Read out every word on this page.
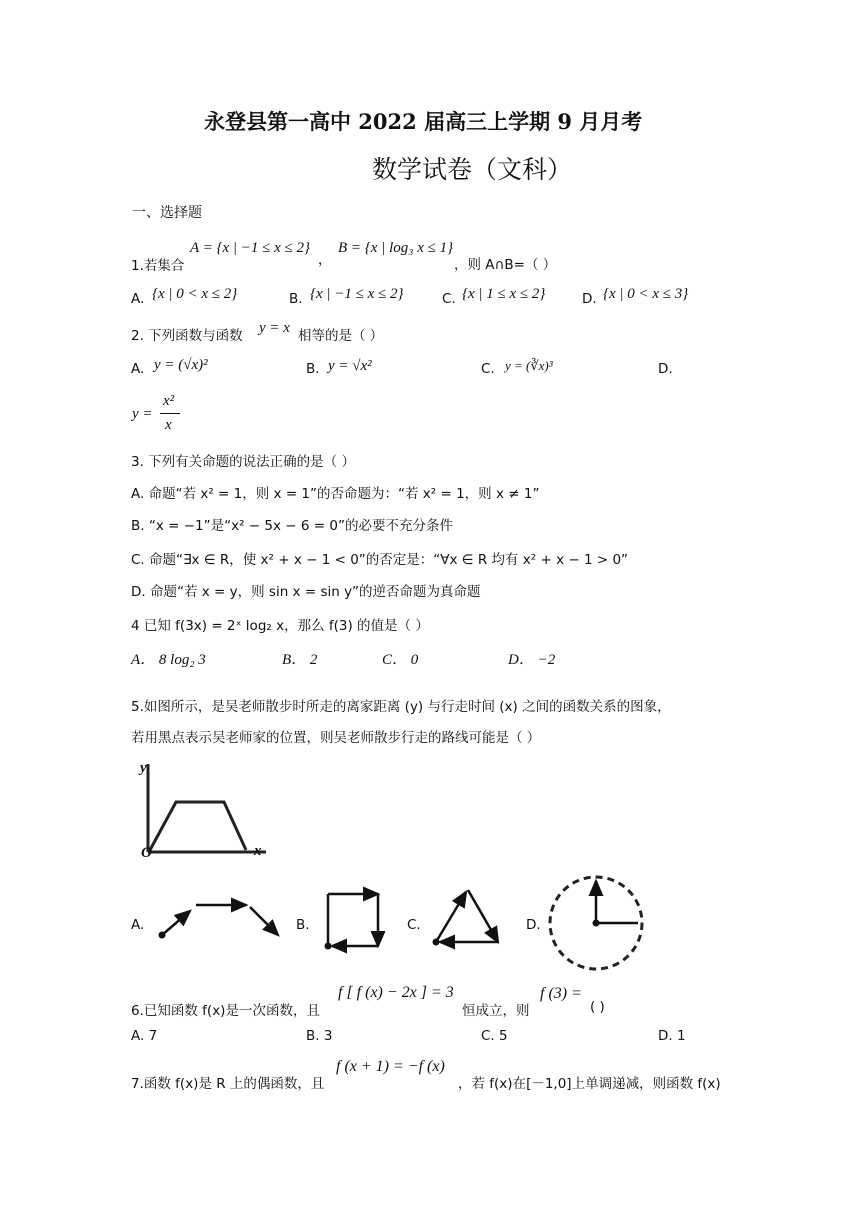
永登县第一高中 2022 届高三上学期 9 月月考
数学试卷（文科）
一、选择题
1.若集合
A = {x | −1 ≤ x ≤ 2}
，
B = {x | log₃ x ≤ 1}
，则 A∩B=（ ）
A. {x | 0 < x ≤ 2}	B. {x | −1 ≤ x ≤ 2}	C. {x | 1 ≤ x ≤ 2}	D. {x | 0 < x ≤ 3}
2. 下列函数与函数 y = x 相等的是（ ）
A. y = (√x)²	B. y = √x²	C. y = (∛x)³	D.
y =
x²
x
3. 下列有关命题的说法正确的是（ ）
A. 命题“若 x² = 1，则 x = 1”的否命题为：“若 x² = 1，则 x ≠ 1”
B. “x = −1”是“x² − 5x − 6 = 0”的必要不充分条件
C. 命题“∃x ∈ R，使 x² + x − 1 < 0”的否定是：“∀x ∈ R 均有 x² + x − 1 > 0”
D. 命题“若 x = y，则 sin x = sin y”的逆否命题为真命题
4 已知 f(3x) = 2ˣ log₂ x，那么 f(3) 的值是（ ）
A． 8 log₂ 3	B． 2	C． 0	D． −2
5.如图所示，是吴老师散步时所走的离家距离 (y) 与行走时间 (x) 之间的函数关系的图象，
若用黑点表示吴老师家的位置，则吴老师散步行走的路线可能是（ ）
y
x
O
A.	B.	C.	D.
6.已知函数 f(x)是一次函数，且
f [ f (x) − 2x ] = 3
恒成立，则
f (3) =
( )
A. 7	B. 3	C. 5	D. 1
7.函数 f(x)是 R 上的偶函数，且
f (x + 1) = −f (x)
，若 f(x)在[－1,0]上单调递减，则函数 f(x)
